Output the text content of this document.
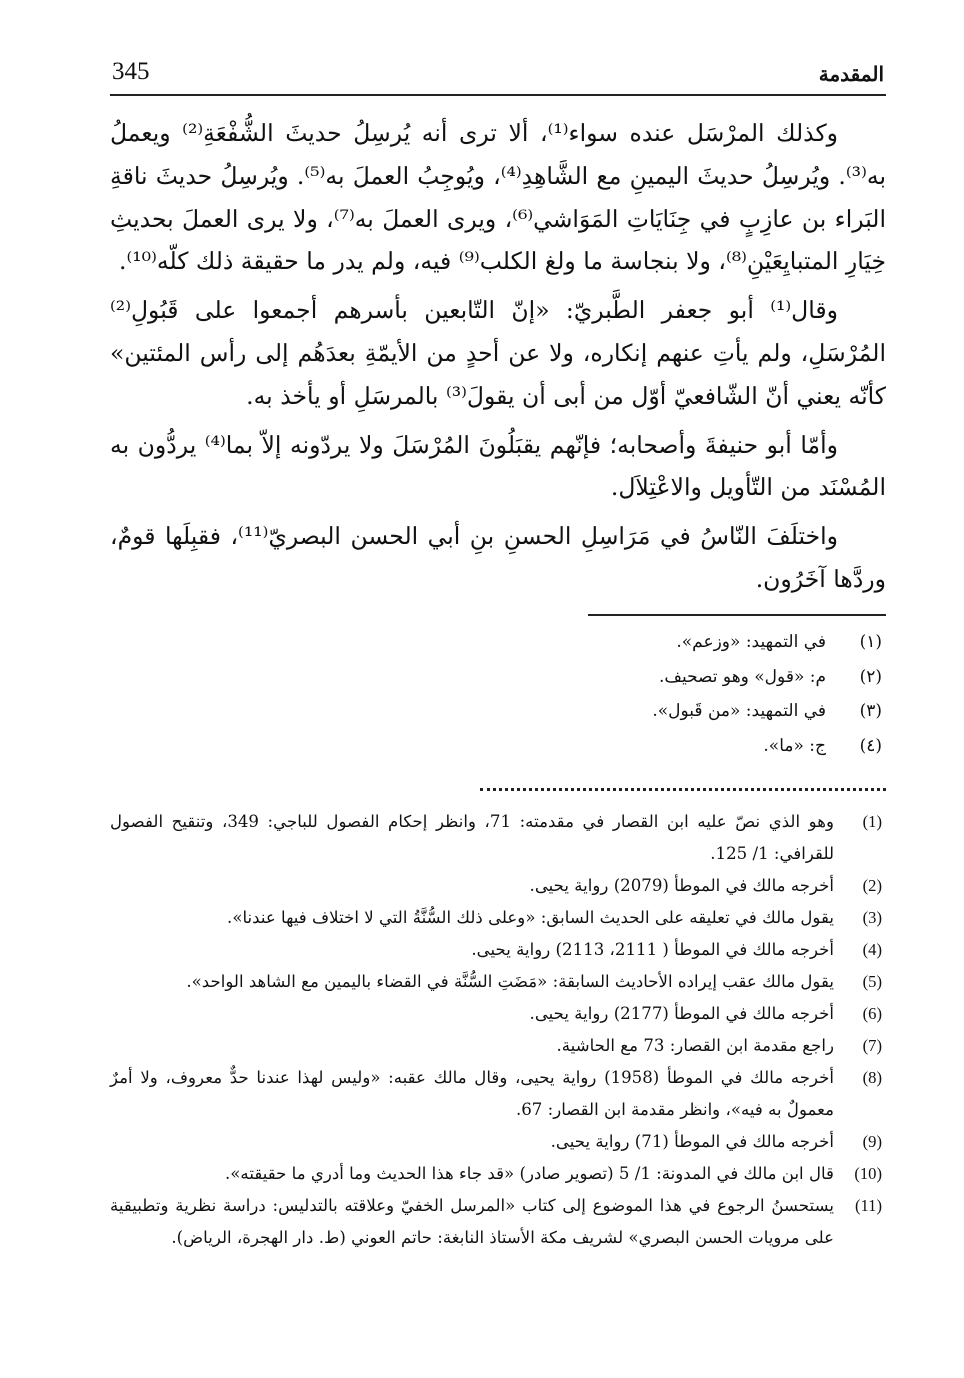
345	المقدمة

وكذلك المرْسَل عنده سواء⁽¹⁾، ألا ترى أنه يُرسِلُ حديثَ الشُّفْعَةِ⁽²⁾ ويعملُ به⁽³⁾. ويُرسِلُ حديثَ اليمينِ مع الشَّاهِدِ⁽⁴⁾، ويُوجِبُ العملَ به⁽⁵⁾. ويُرسِلُ حديثَ ناقةِ البَراء بن عازِبٍ في جِنَايَاتِ المَوَاشي⁽⁶⁾، ويرى العملَ به⁽⁷⁾، ولا يرى العملَ بحديثِ خِيَارِ المتبايِعَيْنِ⁽⁸⁾، ولا بنجاسة ما ولغ الكلب⁽⁹⁾ فيه، ولم يدر ما حقيقة ذلك كلّه⁽¹⁰⁾.

وقال⁽¹⁾ أبو جعفر الطَّبريّ: «إنّ التّابعين بأسرهم أجمعوا على قَبُولِ⁽²⁾ المُرْسَلِ، ولم يأتِ عنهم إنكاره، ولا عن أحدٍ من الأيمّةِ بعدَهُم إلى رأس المئتين» كأنّه يعني أنّ الشّافعيّ أوّل من أبى أن يقولَ⁽³⁾ بالمرسَلِ أو يأخذ به.

وأمّا أبو حنيفةَ وأصحابه؛ فإنّهم يقبَلُونَ المُرْسَلَ ولا يردّونه إلاّ بما⁽⁴⁾ يردُّون به المُسْنَد من التّأويل والاعْتِلاَل.

واختلَفَ النّاسُ في مَرَاسِلِ الحسنِ بنِ أبي الحسن البصريّ⁽¹¹⁾، فقبِلَها قومٌ، وردَّها آخَرُون.

(١)
في التمهيد: «وزعم».
(٢)
م: «قول» وهو تصحيف.
(٣)
في التمهيد: «من قَبول».
(٤)
ج: «ما».
(1)
وهو الذي نصّ عليه ابن القصار في مقدمته: 71، وانظر إحكام الفصول للباجي: 349، وتنقيح الفصول للقرافي: 1/ 125.
(2)
أخرجه مالك في الموطأ (2079) رواية يحيى.
(3)
يقول مالك في تعليقه على الحديث السابق: «وعلى ذلك السُّنَّةُ التي لا اختلاف فيها عندنا».
(4)
أخرجه مالك في الموطأ ( 2111، 2113) رواية يحيى.
(5)
يقول مالك عقب إيراده الأحاديث السابقة: «مَضَتِ السُّنَّة في القضاء باليمين مع الشاهد الواحد».
(6)
أخرجه مالك في الموطأ (2177) رواية يحيى.
(7)
راجع مقدمة ابن القصار: 73 مع الحاشية.
(8)
أخرجه مالك في الموطأ (1958) رواية يحيى، وقال مالك عقبه: «وليس لهذا عندنا حدٌّ معروف، ولا أمرٌ معمولٌ به فيه»، وانظر مقدمة ابن القصار: 67.
(9)
أخرجه مالك في الموطأ (71) رواية يحيى.
(10)
قال ابن مالك في المدونة: 1/ 5 (تصوير صادر) «قد جاء هذا الحديث وما أدري ما حقيقته».
(11)
يستحسنُ الرجوع في هذا الموضوع إلى كتاب «المرسل الخفيّ وعلاقته بالتدليس: دراسة نظرية وتطبيقية على مرويات الحسن البصري» لشريف مكة الأستاذ النابغة: حاتم العوني (ط. دار الهجرة، الرياض).
